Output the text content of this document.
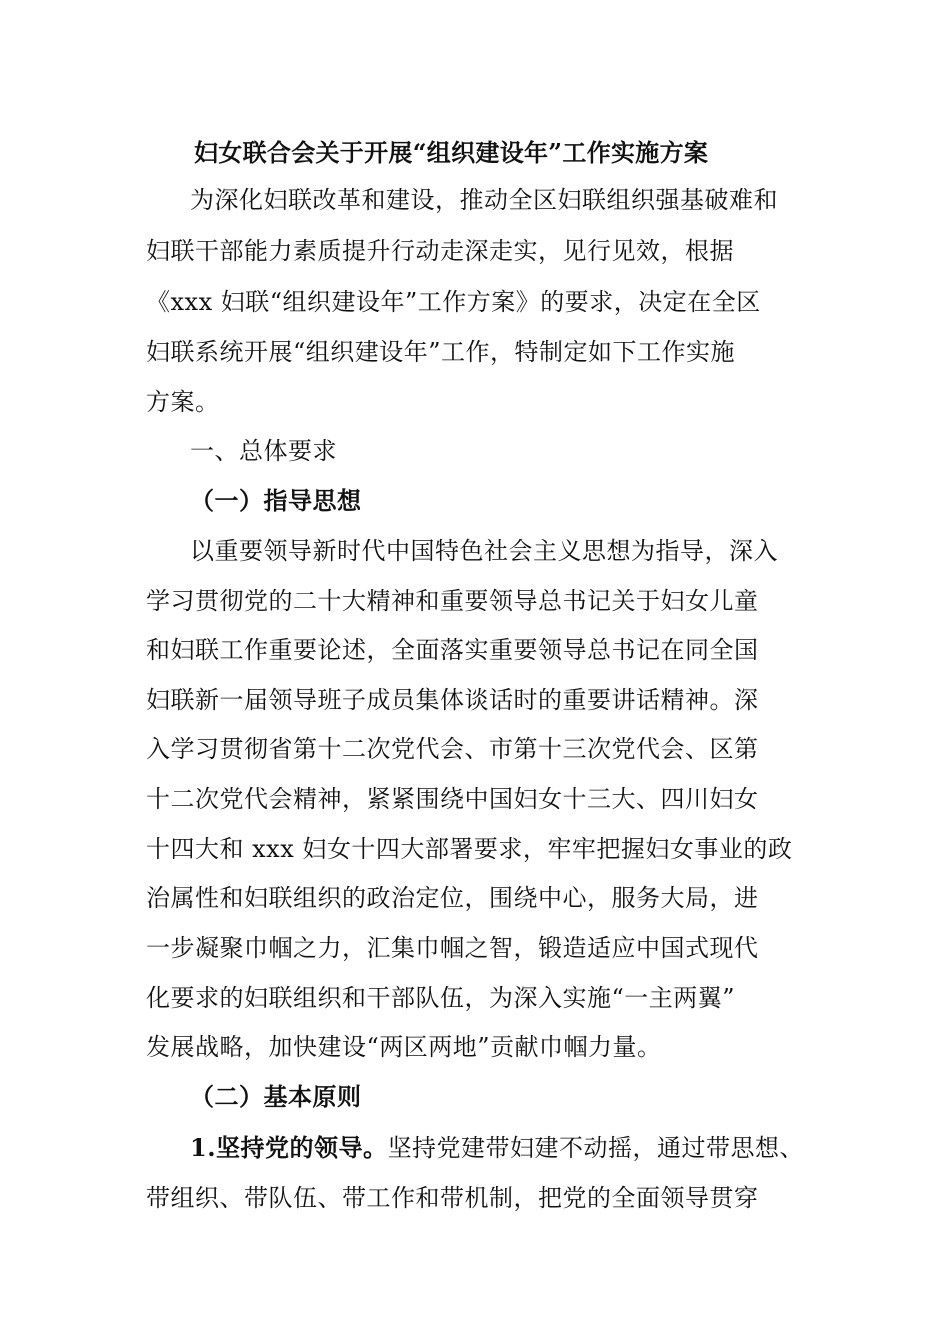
妇女联合会关于开展“组织建设年”工作实施方案
为深化妇联改革和建设，推动全区妇联组织强基破难和
妇联干部能力素质提升行动走深走实，见行见效，根据
《xxx 妇联“组织建设年”工作方案》的要求，决定在全区
妇联系统开展“组织建设年”工作，特制定如下工作实施
方案。
一、总体要求
（一）指导思想
以重要领导新时代中国特色社会主义思想为指导，深入
学习贯彻党的二十大精神和重要领导总书记关于妇女儿童
和妇联工作重要论述，全面落实重要领导总书记在同全国
妇联新一届领导班子成员集体谈话时的重要讲话精神。深
入学习贯彻省第十二次党代会、市第十三次党代会、区第
十二次党代会精神，紧紧围绕中国妇女十三大、四川妇女
十四大和 xxx 妇女十四大部署要求，牢牢把握妇女事业的政
治属性和妇联组织的政治定位，围绕中心，服务大局，进
一步凝聚巾帼之力，汇集巾帼之智，锻造适应中国式现代
化要求的妇联组织和干部队伍，为深入实施“一主两翼”
发展战略，加快建设“两区两地”贡献巾帼力量。
（二）基本原则
1.坚持党的领导。坚持党建带妇建不动摇，通过带思想、
带组织、带队伍、带工作和带机制，把党的全面领导贯穿
